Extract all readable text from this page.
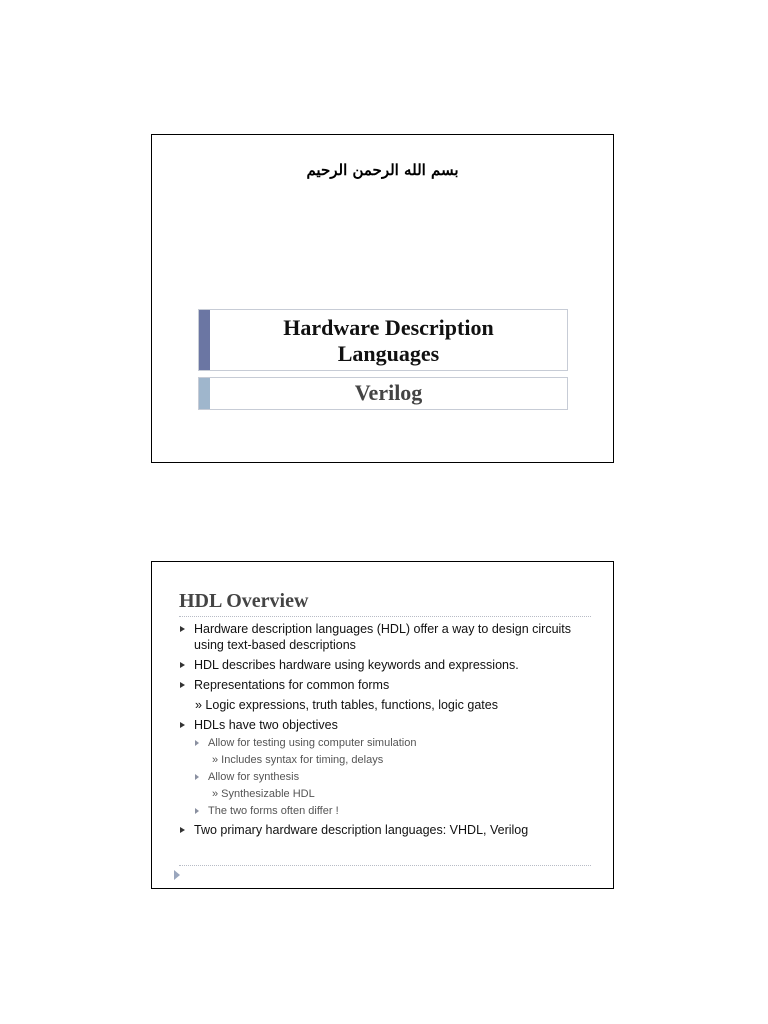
بسم الله الرحمن الرحيم
Hardware Description
Languages
Verilog
HDL Overview
Hardware description languages (HDL) offer a way to design circuits
using text-based descriptions
HDL describes hardware using keywords and expressions.
Representations for common forms
» Logic expressions, truth tables, functions, logic gates
HDLs have two objectives
Allow for testing using computer simulation
» Includes syntax for timing, delays
Allow for synthesis
» Synthesizable HDL
The two forms often differ !
Two primary hardware description languages: VHDL, Verilog
